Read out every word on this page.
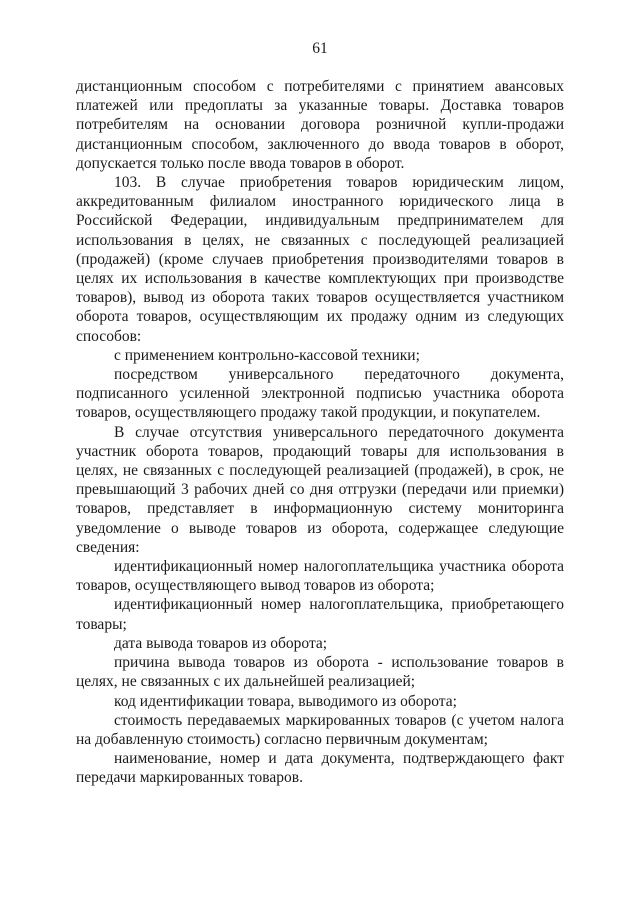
61

дистанционным способом с потребителями с принятием авансовых платежей или предоплаты за указанные товары. Доставка товаров потребителям на основании договора розничной купли-продажи дистанционным способом, заключенного до ввода товаров в оборот, допускается только после ввода товаров в оборот.

103. В случае приобретения товаров юридическим лицом, аккредитованным филиалом иностранного юридического лица в Российской Федерации, индивидуальным предпринимателем для использования в целях, не связанных с последующей реализацией (продажей) (кроме случаев приобретения производителями товаров в целях их использования в качестве комплектующих при производстве товаров), вывод из оборота таких товаров осуществляется участником оборота товаров, осуществляющим их продажу одним из следующих способов:

с применением контрольно-кассовой техники;

посредством универсального передаточного документа, подписанного усиленной электронной подписью участника оборота товаров, осуществляющего продажу такой продукции, и покупателем.

В случае отсутствия универсального передаточного документа участник оборота товаров, продающий товары для использования в целях, не связанных с последующей реализацией (продажей), в срок, не превышающий 3 рабочих дней со дня отгрузки (передачи или приемки) товаров, представляет в информационную систему мониторинга уведомление о выводе товаров из оборота, содержащее следующие сведения:

идентификационный номер налогоплательщика участника оборота товаров, осуществляющего вывод товаров из оборота;

идентификационный номер налогоплательщика, приобретающего товары;

дата вывода товаров из оборота;

причина вывода товаров из оборота - использование товаров в целях, не связанных с их дальнейшей реализацией;

код идентификации товара, выводимого из оборота;

стоимость передаваемых маркированных товаров (с учетом налога на добавленную стоимость) согласно первичным документам;

наименование, номер и дата документа, подтверждающего факт передачи маркированных товаров.
